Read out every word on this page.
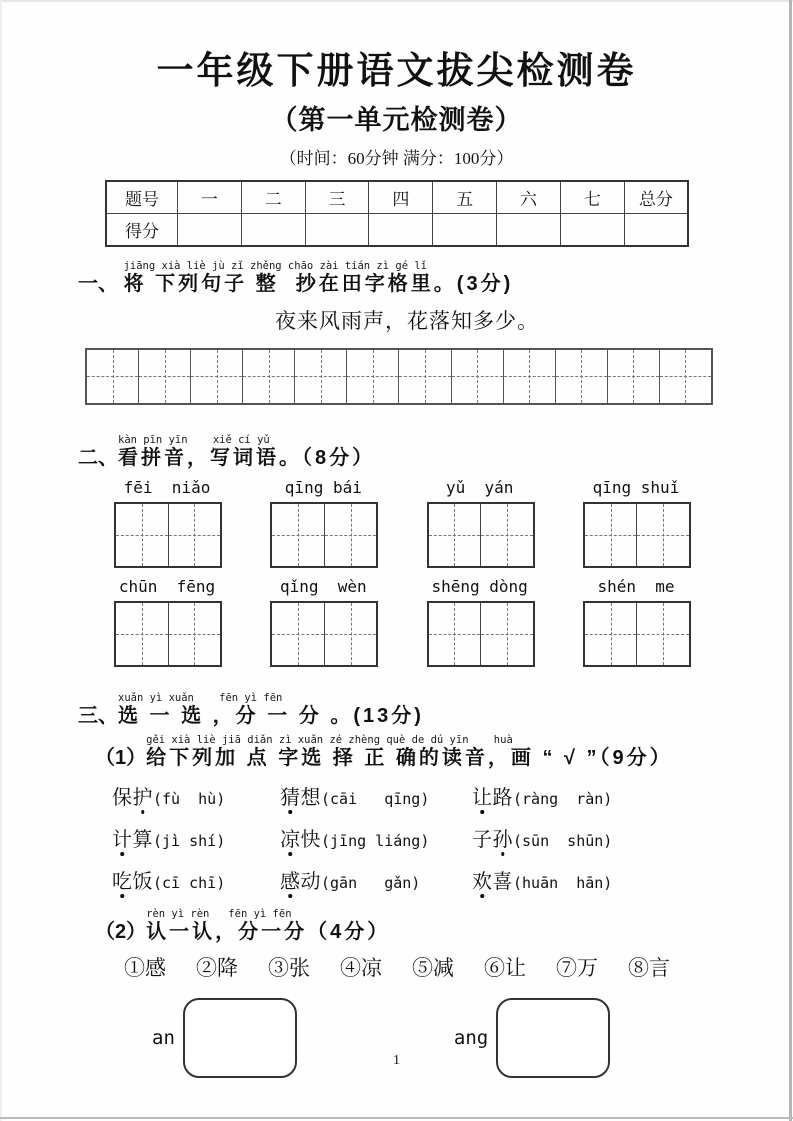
一年级下册语文拔尖检测卷
（第一单元检测卷）
（时间：60分钟 满分：100分）
题号	一	二	三	四	五	六	七	总分
得分								
一、
jiāng xià liè jù zǐ zhěng chāo zài tián zì gé lǐ
将 下列句子 整  抄在田字格里。(3分)
夜来风雨声，花落知多少。
二、
kàn pīn yīn    xiě cí yǔ
看拼音，写词语。（8分）
fēi  niǎo	qīng bái	yǔ  yán	qīng shuǐ
chūn  fēng	qǐng  wèn	shēng dòng	shén  me
三、
xuǎn yì xuǎn    fēn yì fēn
选 一 选 ，分 一 分 。(13分)
（1）
gěi xià liè jiā diǎn zì xuǎn zé zhèng què de dú yīn    huà
给下列加 点 字选 择 正 确的读音，画 “ √ ”（9分）
保护(fù  hù)	猜想(cāi   qīng)	让路(ràng  ràn)
计算(jì shí)	凉快(jīng liáng)	子孙(sūn  shūn)
吃饭(cī chī)	感动(gān   gǎn)	欢喜(huān  hān)
（2）
rèn yì rèn   fēn yì fēn
认一认，分一分（4分）
①感 ②降 ③张 ④凉 ⑤减 ⑥让 ⑦万 ⑧言
an	ang
1
